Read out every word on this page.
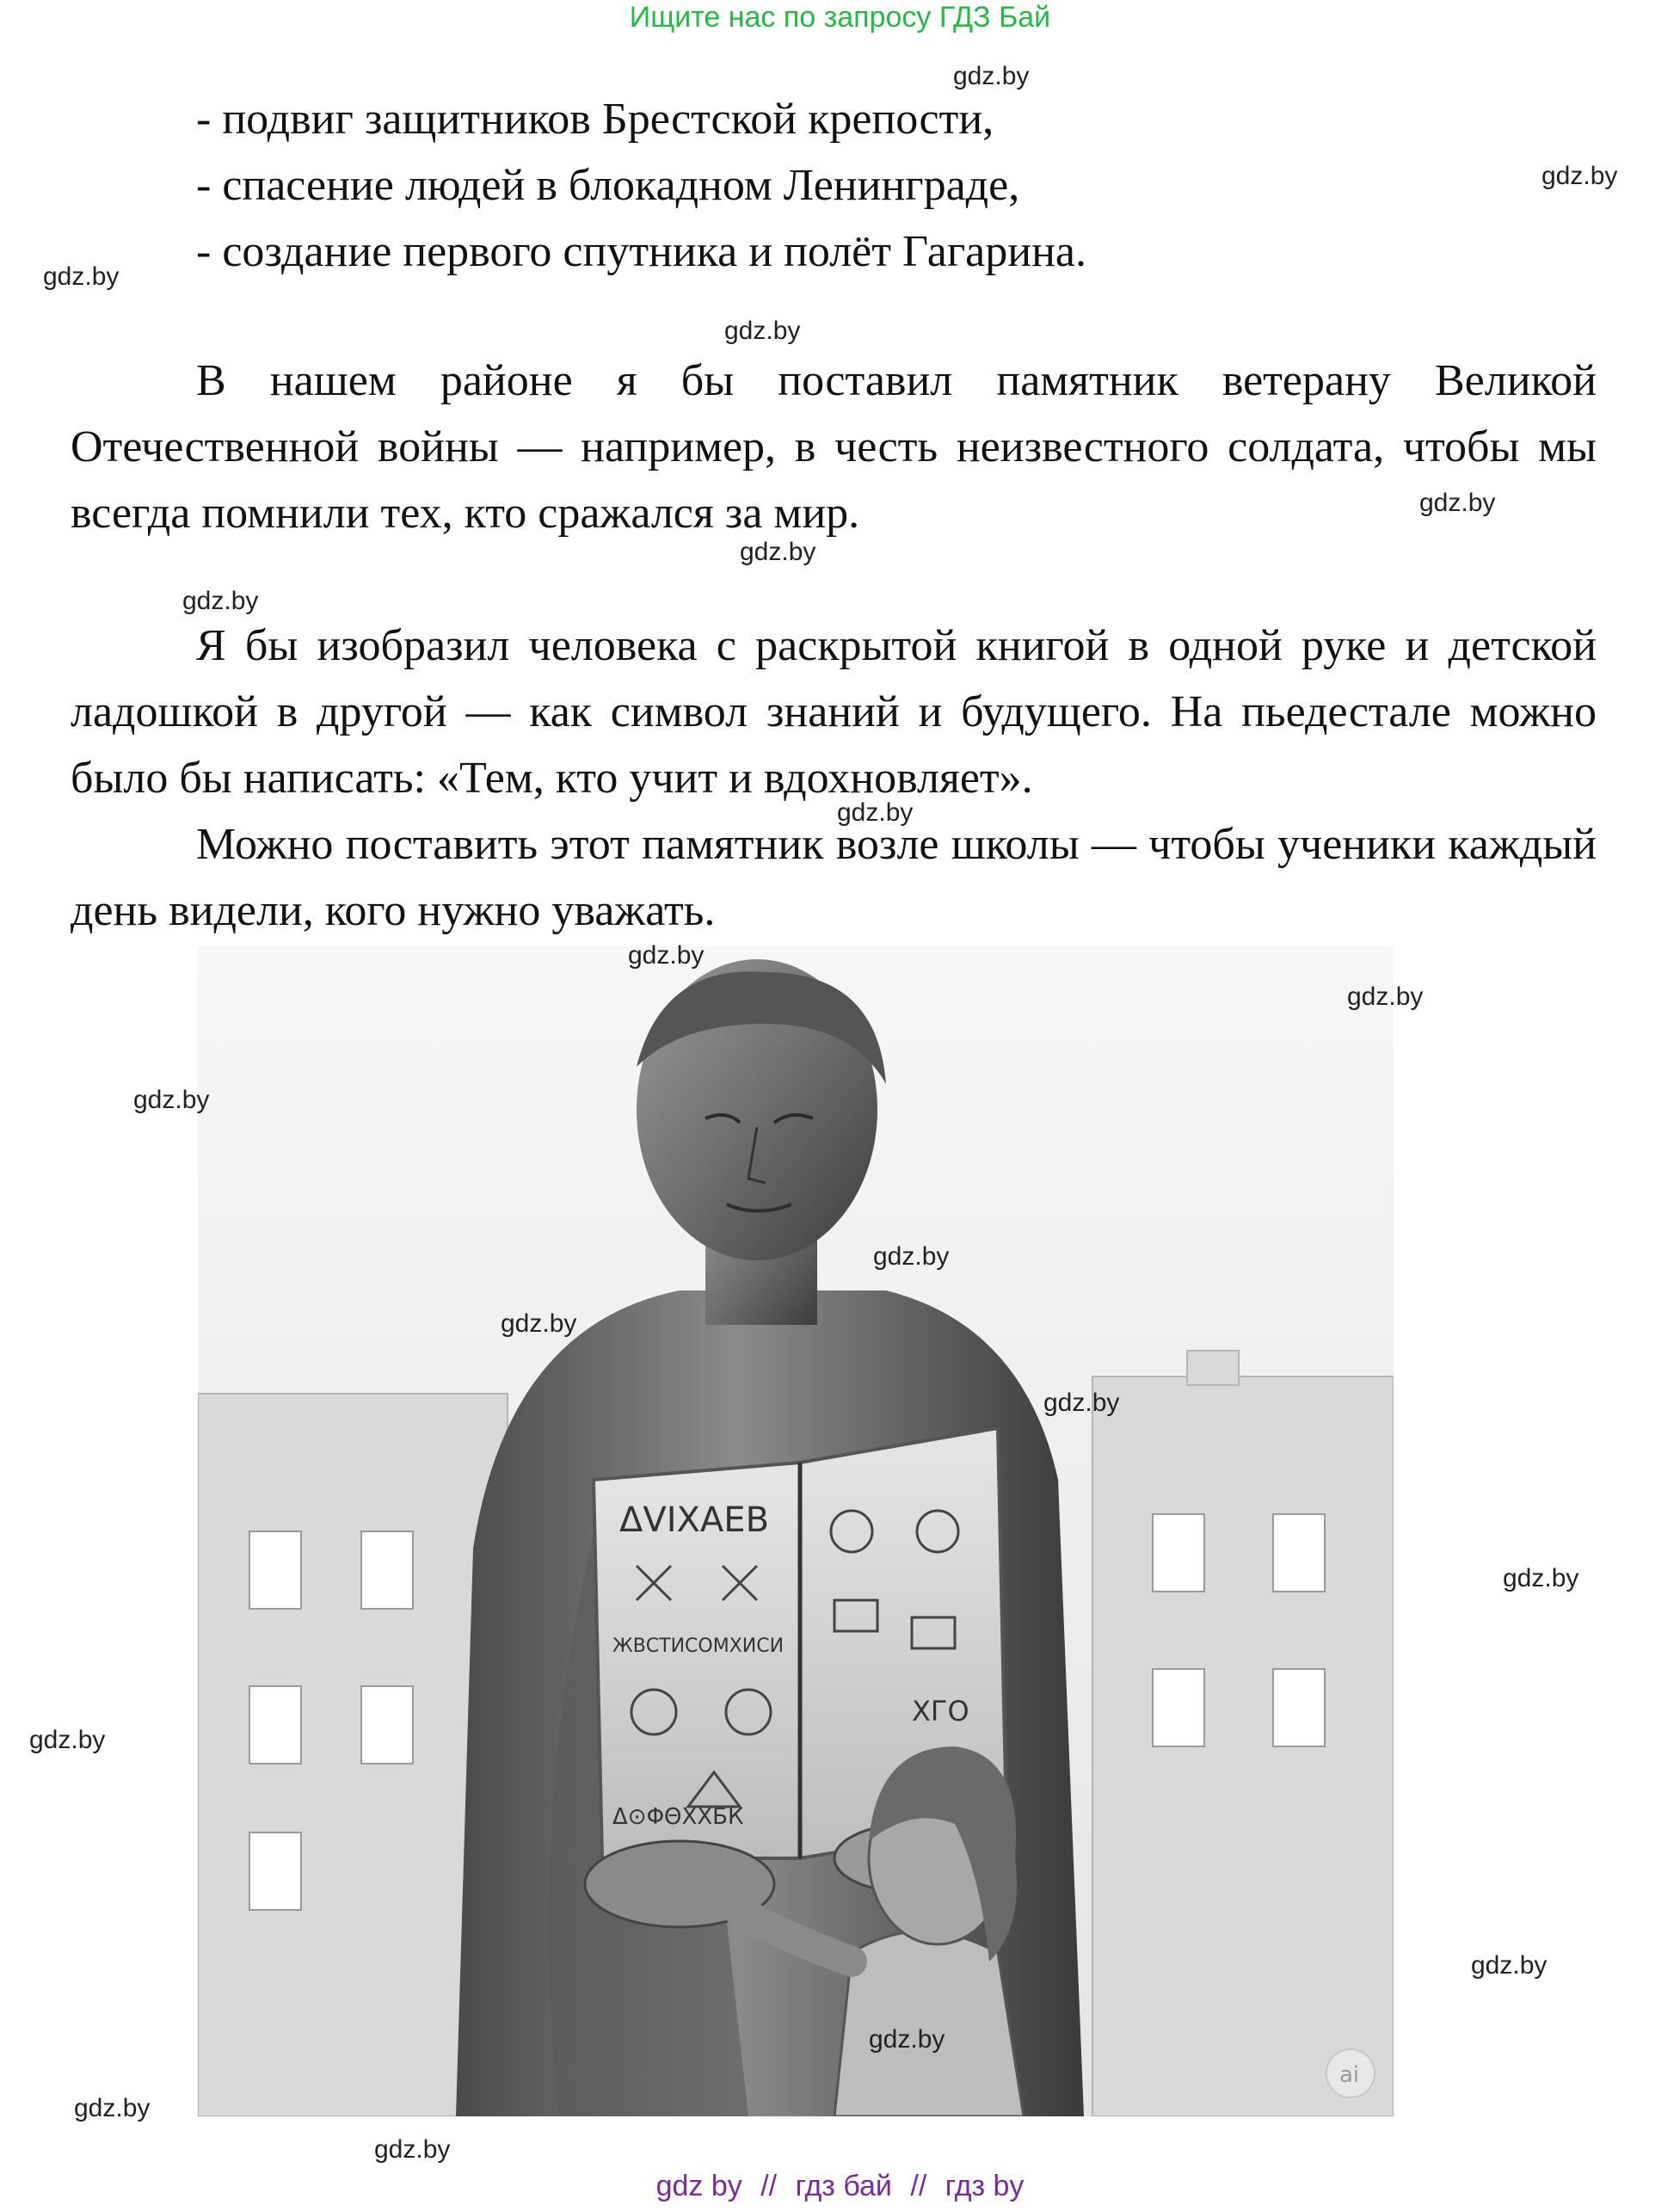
Ищите нас по запросу ГДЗ Бай
- подвиг защитников Брестской крепости,
- спасение людей в блокадном Ленинграде,
- создание первого спутника и полёт Гагарина.

В нашем районе я бы поставил памятник ветерану Великой Отечественной войны — например, в честь неизвестного солдата, чтобы мы всегда помнили тех, кто сражался за мир.

Я бы изобразил человека с раскрытой книгой в одной руке и детской ладошкой в другой — как символ знаний и будущего. На пьедестале можно было бы написать: «Тем, кто учит и вдохновляет».

Можно поставить этот памятник возле школы — чтобы ученики каждый день видели, кого нужно уважать.

ΔVIXAEB
ЖВСТИСОМХИСИ
Δ⊙ΦΘXXБК
XГО
ai
gdz.by
gdz.by
gdz.by
gdz.by
gdz.by
gdz.by
gdz.by
gdz.by
gdz.by
gdz.by
gdz.by
gdz.by
gdz.by
gdz.by
gdz.by
gdz.by
gdz.by
gdz.by
gdz.by
gdz.by
gdz by // гдз бай // гдз by
